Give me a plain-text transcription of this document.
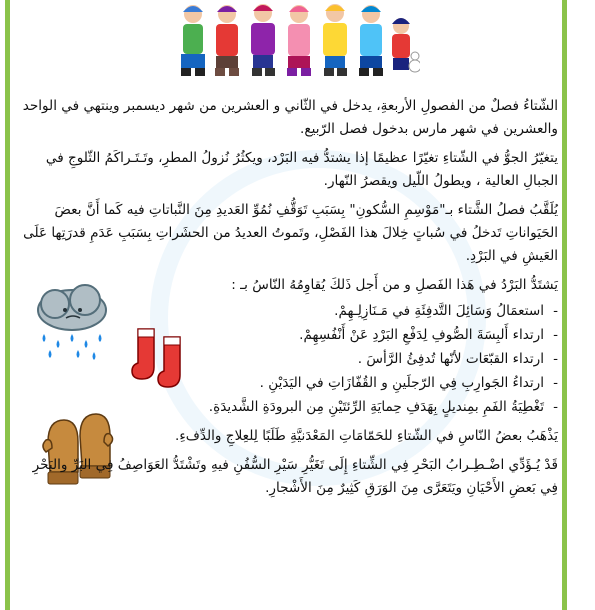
الشّتاءُ فصلٌ من الفصولِ الأربعةِ، يدخل في الثّاني و العشرين من شهر ديسمبر وينتهي في الواحد والعشرين في شهر مارس بدخول فصل الرّبيع.

يتغيّرُ الجوُّ في الشّتاءِ تغيّرًا عظيمًا إذا يشتدُّ فيه البَرْد، ويكثُرُ نُزولُ المطرِ، وتَـتَـراكَمُ الثّلوجِ في الجبالِ العالية ، ويطولُ اللّيل ويقصرُ النّهار.

يُلَقَّبُ فصلُ الشَّتاء بـ"مَوْسِمِ السُّكونِ" بِسَبَبِ تَوَقُّفِ نُمُوِّ العَديدِ مِنَ النَّباتاتِ فيه كَما أَنَّ بعضَ الحَيَواناتِ تَدخلُ في سُباتٍ خِلالَ هذا الفَصْلِ، وتَموتُ العديدُ من الحشَراتِ بِسَبَبِ عَدَمِ قدرَتِها عَلَى العَيشِ في البَرْدِ.

يَشتَدُّ البَرْدُ في هَذا الفَصلِ و من أَجل ذَلكَ يُقاوِمُهُ النّاسُ بـ :

- استعمَالُ وَسَائِلَ التَّدفِئَةِ في مَـنَازِلِـهِمْ.
- ارتداء أَلبِسَةَ الصُّوفِ لِدَفْعِ البَرْدِ عَنْ أَنْفُسِهِمْ.
- ارتداء القبّعَات لأنّها تُدفِئُ الرَّأسَ .
- ارتداءُ الجَوارِبِ فِي الرّجلَينِ و القُفّازَاتِ في اليَدَيْنِ .
- تَغْطِيَةُ الفَمِ بمِنديلٍ بِهَدَفِ حِمايَةِ الرِّئتَيْنِ مِن البرودَةِ الشَّديدَةِ.

يَذْهَبُ بعضُ النّاسِ في الشّتاءِ للحَمّامَاتِ المَعْدَنيَّةِ طَلَبًا لِلعِلاجِ والدِّفءِ.

قَدْ يُـؤَدِّي اضْـطِـرابُ البَحْرِ فِي الشِّتاءِ إِلَى تَغَيُّرِ سَيْرِ السُّفُنِ فيهِ وتَشْتَدُّ العَوَاصِفُ فِي البَرِّ والبَحْرِ فِي بَعضِ الأَحْيَانِ ويَتَعَرَّى مِنَ الوَرَقِ كَثِيرٌ مِنَ الأَشْجارِ.
